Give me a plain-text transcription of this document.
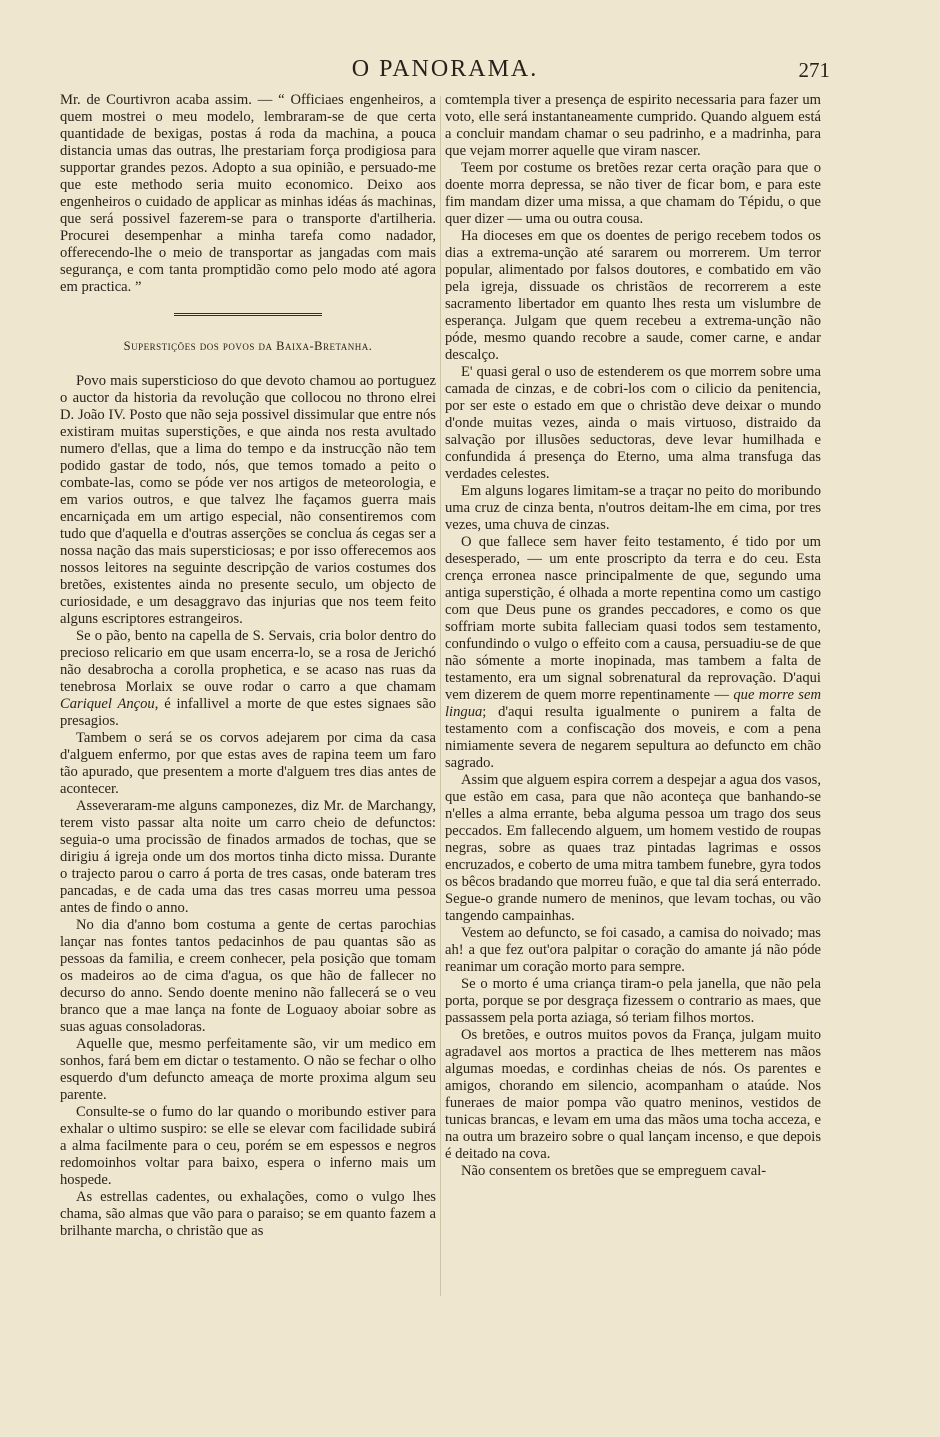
O PANORAMA.	271

Mr. de Courtivron acaba assim. — “ Officiaes engenheiros, a quem mostrei o meu modelo, lembraram-se de que certa quantidade de bexigas, postas á roda da machina, a pouca distancia umas das outras, lhe prestariam força prodigiosa para supportar grandes pezos. Adopto a sua opinião, e persuado-me que este methodo seria muito economico. Deixo aos engenheiros o cuidado de applicar as minhas idéas ás machinas, que será possivel fazerem-se para o transporte d'artilheria. Procurei desempenhar a minha tarefa como nadador, offerecendo-lhe o meio de transportar as jangadas com mais segurança, e com tanta promptidão como pelo modo até agora em practica. ”

Superstições dos povos da Baixa-Bretanha.

Povo mais supersticioso do que devoto chamou ao portuguez o auctor da historia da revolução que collocou no throno elrei D. João IV. Posto que não seja possivel dissimular que entre nós existiram muitas superstições, e que ainda nos resta avultado numero d'ellas, que a lima do tempo e da instrucção não tem podido gastar de todo, nós, que temos tomado a peito o combate-las, como se póde ver nos artigos de meteorologia, e em varios outros, e que talvez lhe façamos guerra mais encarniçada em um artigo especial, não consentiremos com tudo que d'aquella e d'outras asserções se conclua ás cegas ser a nossa nação das mais supersticiosas; e por isso offerecemos aos nossos leitores na seguinte descripção de varios costumes dos bretões, existentes ainda no presente seculo, um objecto de curiosidade, e um desaggravo das injurias que nos teem feito alguns escriptores estrangeiros.

Se o pão, bento na capella de S. Servais, cria bolor dentro do precioso relicario em que usam encerra-lo, se a rosa de Jerichó não desabrocha a corolla prophetica, e se acaso nas ruas da tenebrosa Morlaix se ouve rodar o carro a que chamam Cariquel Ançou, é infallivel a morte de que estes signaes são presagios.

Tambem o será se os corvos adejarem por cima da casa d'alguem enfermo, por que estas aves de rapina teem um faro tão apurado, que presentem a morte d'alguem tres dias antes de acontecer.

Asseveraram-me alguns camponezes, diz Mr. de Marchangy, terem visto passar alta noite um carro cheio de defunctos: seguia-o uma procissão de finados armados de tochas, que se dirigiu á igreja onde um dos mortos tinha dicto missa. Durante o trajecto parou o carro á porta de tres casas, onde bateram tres pancadas, e de cada uma das tres casas morreu uma pessoa antes de findo o anno.

No dia d'anno bom costuma a gente de certas parochias lançar nas fontes tantos pedacinhos de pau quantas são as pessoas da familia, e creem conhecer, pela posição que tomam os madeiros ao de cima d'agua, os que hão de fallecer no decurso do anno. Sendo doente menino não fallecerá se o veu branco que a mae lança na fonte de Loguaoy aboiar sobre as suas aguas consoladoras.

Aquelle que, mesmo perfeitamente são, vir um medico em sonhos, fará bem em dictar o testamento. O não se fechar o olho esquerdo d'um defuncto ameaça de morte proxima algum seu parente.

Consulte-se o fumo do lar quando o moribundo estiver para exhalar o ultimo suspiro: se elle se elevar com facilidade subirá a alma facilmente para o ceu, porém se em espessos e negros redomoinhos voltar para baixo, espera o inferno mais um hospede.

As estrellas cadentes, ou exhalações, como o vulgo lhes chama, são almas que vão para o paraiso; se em quanto fazem a brilhante marcha, o christão que as

comtempla tiver a presença de espirito necessaria para fazer um voto, elle será instantaneamente cumprido. Quando alguem está a concluir mandam chamar o seu padrinho, e a madrinha, para que vejam morrer aquelle que viram nascer.

Teem por costume os bretões rezar certa oração para que o doente morra depressa, se não tiver de ficar bom, e para este fim mandam dizer uma missa, a que chamam do Tépidu, o que quer dizer — uma ou outra cousa.

Ha dioceses em que os doentes de perigo recebem todos os dias a extrema-unção até sararem ou morrerem. Um terror popular, alimentado por falsos doutores, e combatido em vão pela igreja, dissuade os christãos de recorrerem a este sacramento libertador em quanto lhes resta um vislumbre de esperança. Julgam que quem recebeu a extrema-unção não póde, mesmo quando recobre a saude, comer carne, e andar descalço.

E' quasi geral o uso de estenderem os que morrem sobre uma camada de cinzas, e de cobri-los com o cilicio da penitencia, por ser este o estado em que o christão deve deixar o mundo d'onde muitas vezes, ainda o mais virtuoso, distraido da salvação por illusões seductoras, deve levar humilhada e confundida á presença do Eterno, uma alma transfuga das verdades celestes.

Em alguns logares limitam-se a traçar no peito do moribundo uma cruz de cinza benta, n'outros deitam-lhe em cima, por tres vezes, uma chuva de cinzas.

O que fallece sem haver feito testamento, é tido por um desesperado, — um ente proscripto da terra e do ceu. Esta crença erronea nasce principalmente de que, segundo uma antiga superstição, é olhada a morte repentina como um castigo com que Deus pune os grandes peccadores, e como os que soffriam morte subita falleciam quasi todos sem testamento, confundindo o vulgo o effeito com a causa, persuadiu-se de que não sómente a morte inopinada, mas tambem a falta de testamento, era um signal sobrenatural da reprovação. D'aqui vem dizerem de quem morre repentinamente — que morre sem lingua; d'aqui resulta igualmente o punirem a falta de testamento com a confiscação dos moveis, e com a pena nimiamente severa de negarem sepultura ao defuncto em chão sagrado.

Assim que alguem espira correm a despejar a agua dos vasos, que estão em casa, para que não aconteça que banhando-se n'elles a alma errante, beba alguma pessoa um trago dos seus peccados. Em fallecendo alguem, um homem vestido de roupas negras, sobre as quaes traz pintadas lagrimas e ossos encruzados, e coberto de uma mitra tambem funebre, gyra todos os bêcos bradando que morreu fuão, e que tal dia será enterrado. Segue-o grande numero de meninos, que levam tochas, ou vão tangendo campainhas.

Vestem ao defuncto, se foi casado, a camisa do noivado; mas ah! a que fez out'ora palpitar o coração do amante já não póde reanimar um coração morto para sempre.

Se o morto é uma criança tiram-o pela janella, que não pela porta, porque se por desgraça fizessem o contrario as maes, que passassem pela porta aziaga, só teriam filhos mortos.

Os bretões, e outros muitos povos da França, julgam muito agradavel aos mortos a practica de lhes metterem nas mãos algumas moedas, e cordinhas cheias de nós. Os parentes e amigos, chorando em silencio, acompanham o ataúde. Nos funeraes de maior pompa vão quatro meninos, vestidos de tunicas brancas, e levam em uma das mãos uma tocha acceza, e na outra um brazeiro sobre o qual lançam incenso, e que depois é deitado na cova.

Não consentem os bretões que se empreguem caval-
